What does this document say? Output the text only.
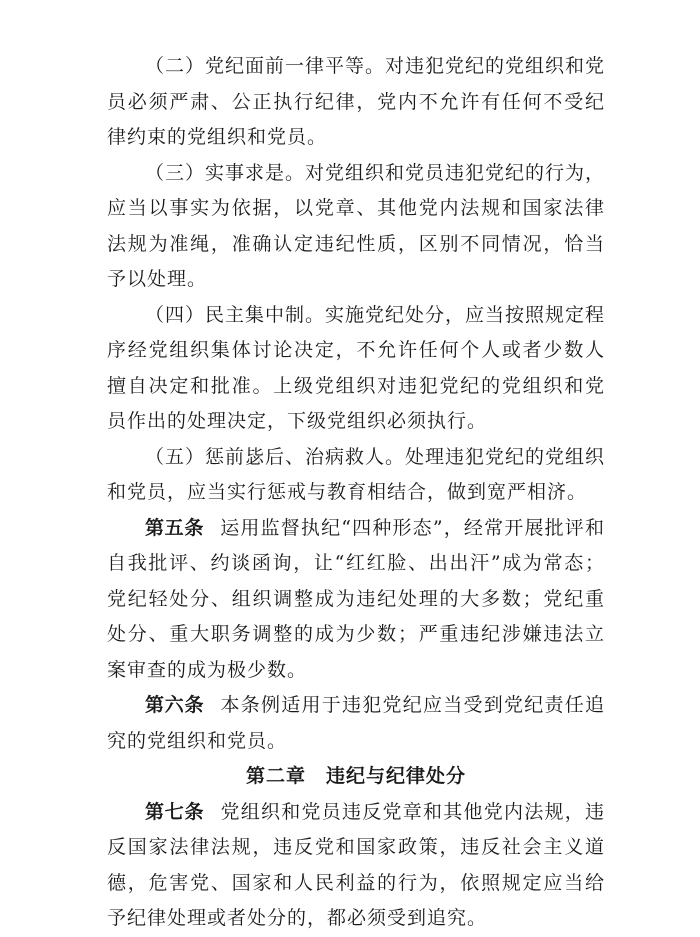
（二）党纪面前一律平等。对违犯党纪的党组织和党员必须严肃、公正执行纪律，党内不允许有任何不受纪律约束的党组织和党员。

（三）实事求是。对党组织和党员违犯党纪的行为，应当以事实为依据，以党章、其他党内法规和国家法律法规为准绳，准确认定违纪性质，区别不同情况，恰当予以处理。

（四）民主集中制。实施党纪处分，应当按照规定程序经党组织集体讨论决定，不允许任何个人或者少数人擅自决定和批准。上级党组织对违犯党纪的党组织和党员作出的处理决定，下级党组织必须执行。

（五）惩前毖后、治病救人。处理违犯党纪的党组织和党员，应当实行惩戒与教育相结合，做到宽严相济。

第五条 运用监督执纪“四种形态”，经常开展批评和自我批评、约谈函询，让“红红脸、出出汗”成为常态；党纪轻处分、组织调整成为违纪处理的大多数；党纪重处分、重大职务调整的成为少数；严重违纪涉嫌违法立案审查的成为极少数。

第六条 本条例适用于违犯党纪应当受到党纪责任追究的党组织和党员。

第二章 违纪与纪律处分

第七条 党组织和党员违反党章和其他党内法规，违反国家法律法规，违反党和国家政策，违反社会主义道德，危害党、国家和人民利益的行为，依照规定应当给予纪律处理或者处分的，都必须受到追究。
